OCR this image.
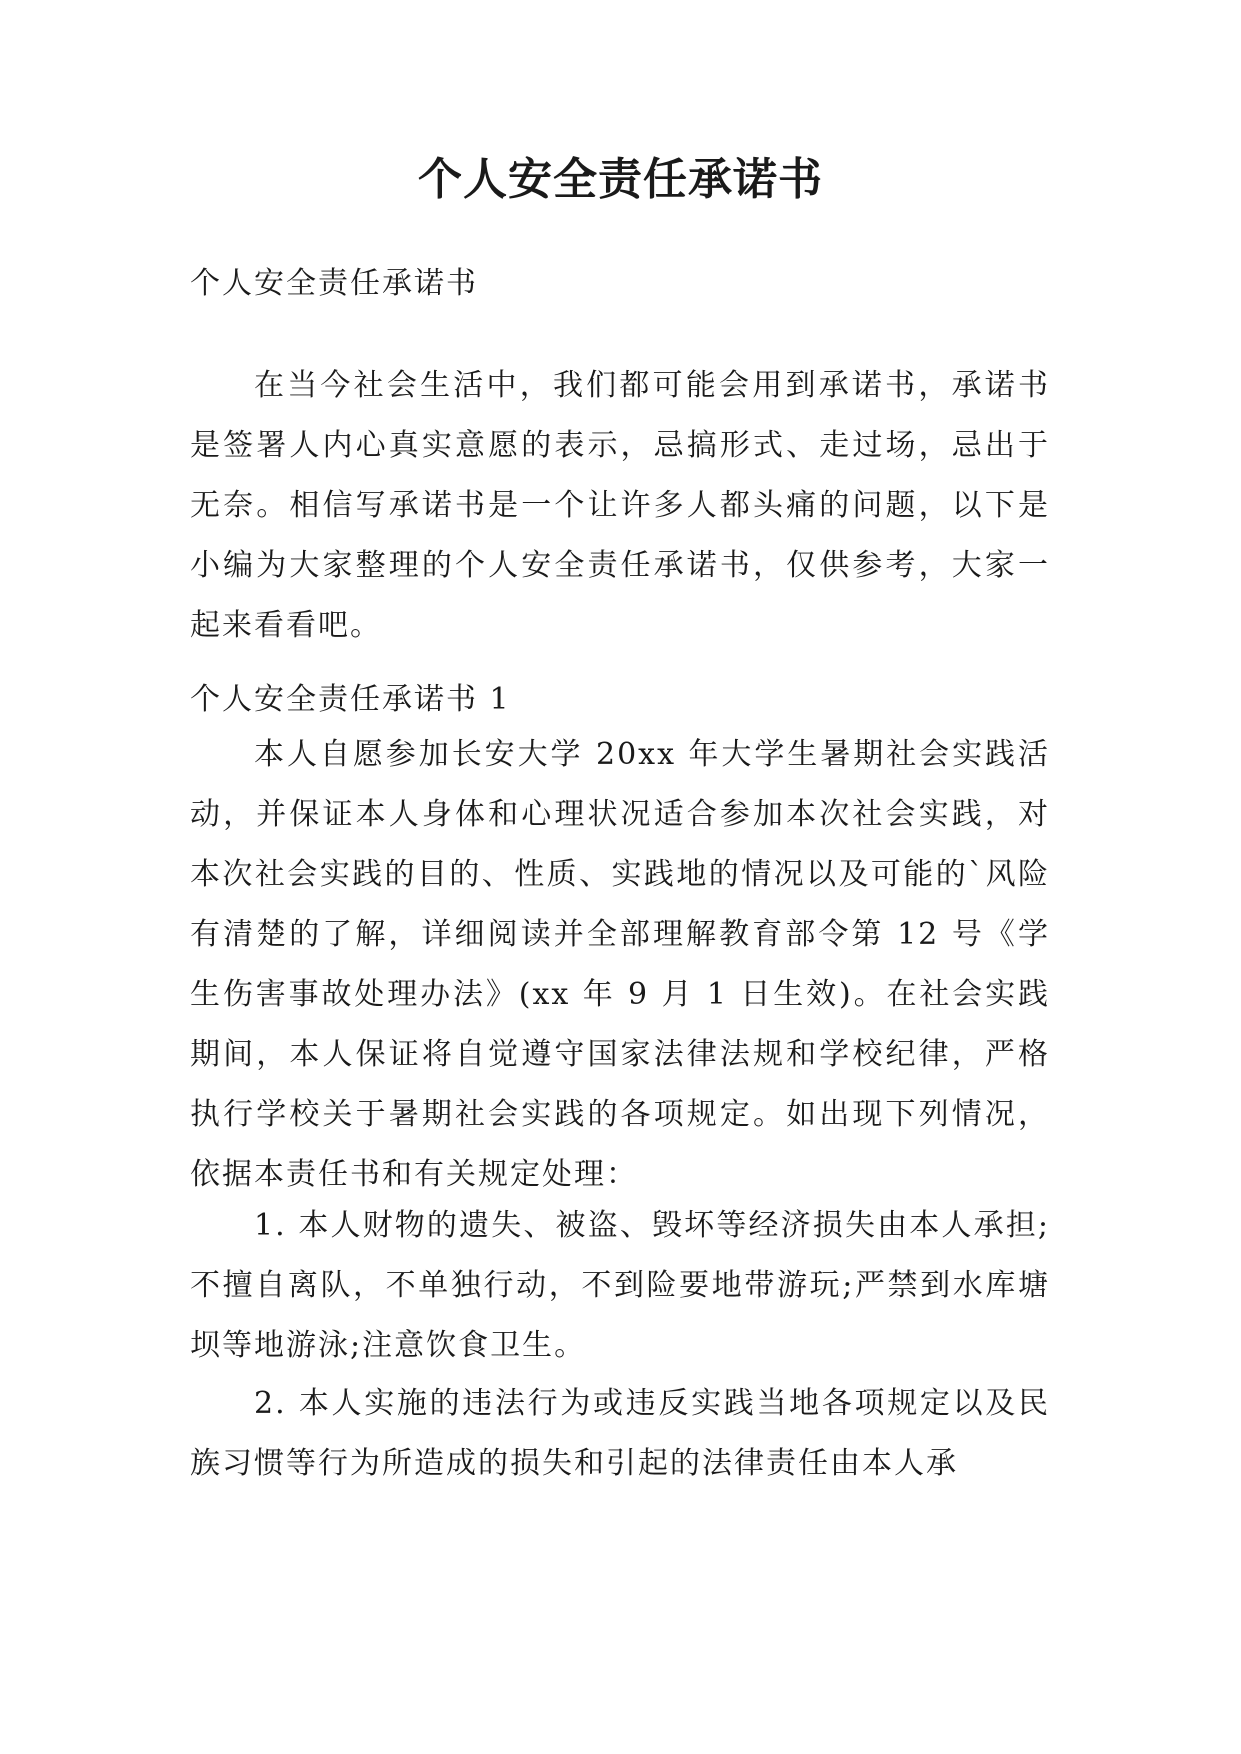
个人安全责任承诺书

个人安全责任承诺书

在当今社会生活中，我们都可能会用到承诺书，承诺书是签署人内心真实意愿的表示，忌搞形式、走过场，忌出于无奈。相信写承诺书是一个让许多人都头痛的问题，以下是小编为大家整理的个人安全责任承诺书，仅供参考，大家一起来看看吧。

个人安全责任承诺书 1

本人自愿参加长安大学 20xx 年大学生暑期社会实践活动，并保证本人身体和心理状况适合参加本次社会实践，对本次社会实践的目的、性质、实践地的情况以及可能的`风险有清楚的了解，详细阅读并全部理解教育部令第 12 号《学生伤害事故处理办法》(xx 年 9 月 1 日生效)。在社会实践期间，本人保证将自觉遵守国家法律法规和学校纪律，严格执行学校关于暑期社会实践的各项规定。如出现下列情况，依据本责任书和有关规定处理：

1. 本人财物的遗失、被盗、毁坏等经济损失由本人承担;不擅自离队，不单独行动，不到险要地带游玩;严禁到水库塘坝等地游泳;注意饮食卫生。

2. 本人实施的违法行为或违反实践当地各项规定以及民族习惯等行为所造成的损失和引起的法律责任由本人承
